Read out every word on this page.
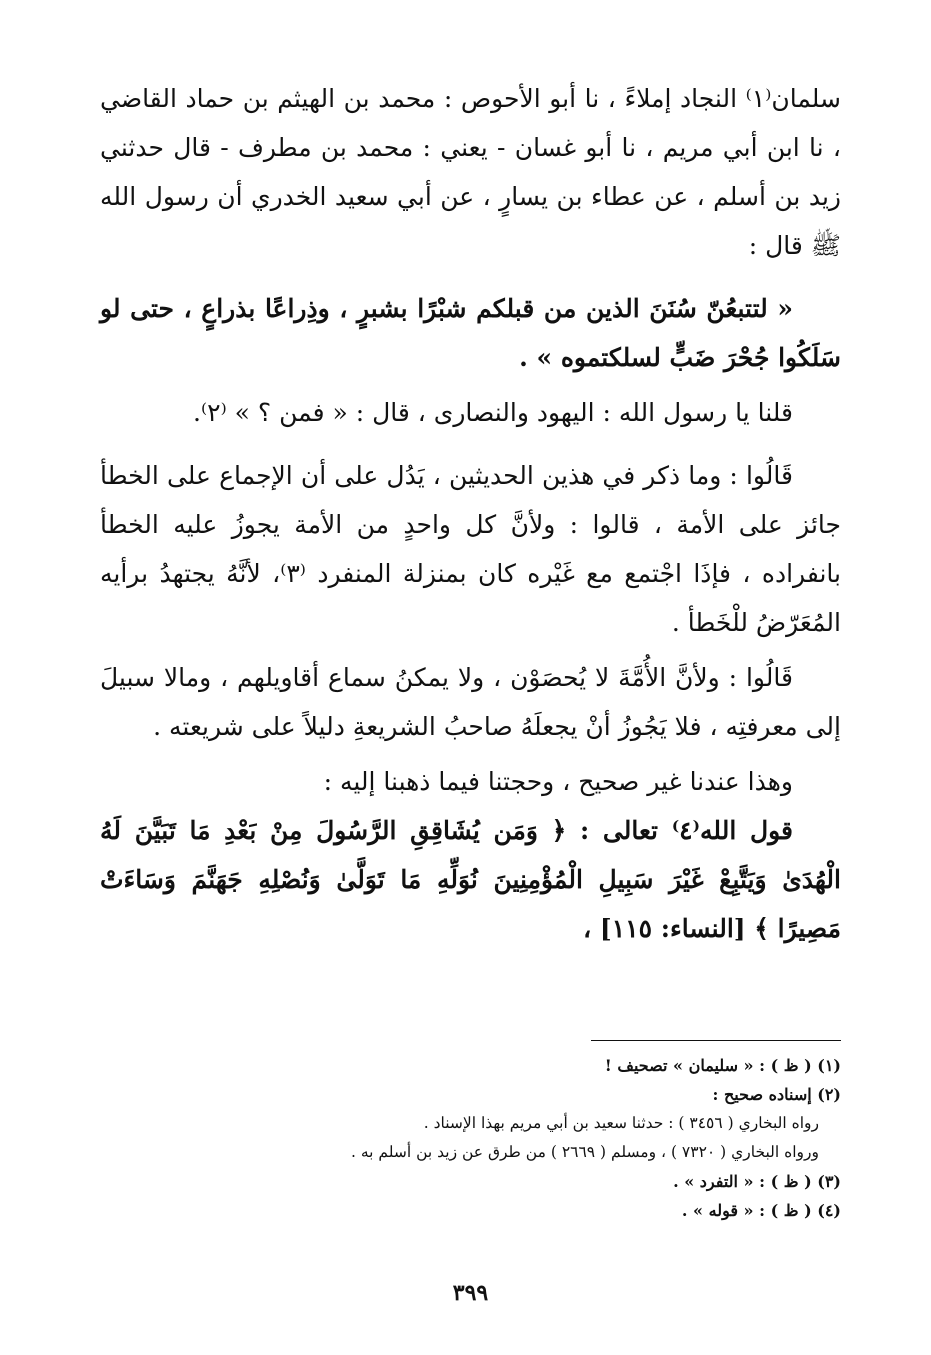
سلمان⁽١⁾ النجاد إملاءً ، نا أبو الأحوص : محمد بن الهيثم بن حماد القاضي ، نا ابن أبي مريم ، نا أبو غسان - يعني : محمد بن مطرف - قال حدثني زيد بن أسلم ، عن عطاء بن يسارٍ ، عن أبي سعيد الخدري أن رسول الله ﷺ قال :

« لتتبعُنّ سُنَنَ الذين من قبلكم شبْرًا بشبرٍ ، وذِراعًا بذراعٍ ، حتى لو سَلَكُوا جُحْرَ ضَبٍّ لسلكتموه » .

قلنا يا رسول الله : اليهود والنصارى ، قال : « فمن ؟ » ⁽٢⁾.

قَالُوا : وما ذكر في هذين الحديثين ، يَدُل على أن الإجماع على الخطأ جائز على الأمة ، قالوا : ولأنَّ كل واحدٍ من الأمة يجوزُ عليه الخطأ بانفراده ، فإذَا اجْتمع مع غَيْره كان بمنزلة المنفرد ⁽٣⁾، لأنَّهُ يجتهدُ برأيه المُعَرّضُ للْخَطأ .

قَالُوا : ولأنَّ الأُمَّةَ لا يُحصَوْن ، ولا يمكنُ سماع أقاويلهم ، ومالا سبيلَ إلى معرفتِه ، فلا يَجُوزُ أنْ يجعلَهُ صاحبُ الشريعةِ دليلاً على شريعته .

وهذا عندنا غير صحيح ، وحجتنا فيما ذهبنا إليه :

قول الله⁽٤⁾ تعالى : ﴿ وَمَن يُشَاقِقِ الرَّسُولَ مِنْ بَعْدِ مَا تَبَيَّنَ لَهُ الْهُدَىٰ وَيَتَّبِعْ غَيْرَ سَبِيلِ الْمُؤْمِنِينَ نُوَلِّهِ مَا تَوَلَّىٰ وَنُصْلِهِ جَهَنَّمَ وَسَاءَتْ مَصِيرًا ﴾ [النساء: ١١٥] ،

(١) ( ظ ) : « سليمان » تصحيف !

(٢) إسناده صحيح :

رواه البخاري ( ٣٤٥٦ ) : حدثنا سعيد بن أبي مريم بهذا الإسناد .

ورواه البخاري ( ٧٣٢٠ ) ، ومسلم ( ٢٦٦٩ ) من طرق عن زيد بن أسلم به .

(٣) ( ظ ) : « التفرد » .

(٤) ( ظ ) : « قوله » .

٣٩٩
